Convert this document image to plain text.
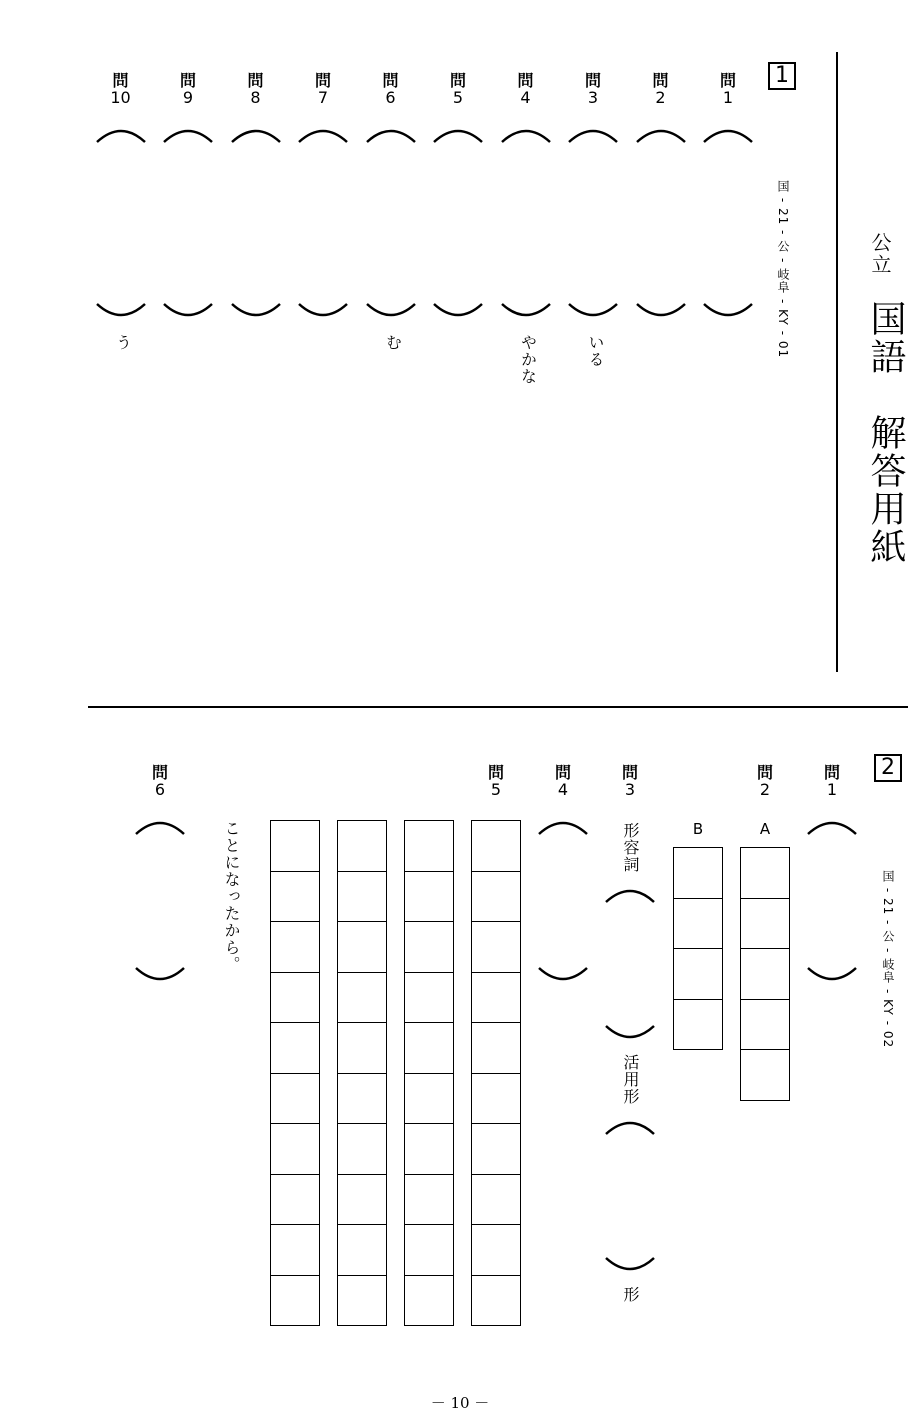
公立
国語　解答用紙
1
国 - 21 - 公 - 岐阜 - KY - 01
問
1
問
2
問
3
いる
問
4
やかな
問
5
問
6
む
問
7
問
8
問
9
問
10
う
2
国 - 21 - 公 - 岐阜 - KY - 02
問
1
問
2
A
B
問
3
形容詞
活用形
形
問
4
問
5
問
6
ことになったから。
－ 10 －
